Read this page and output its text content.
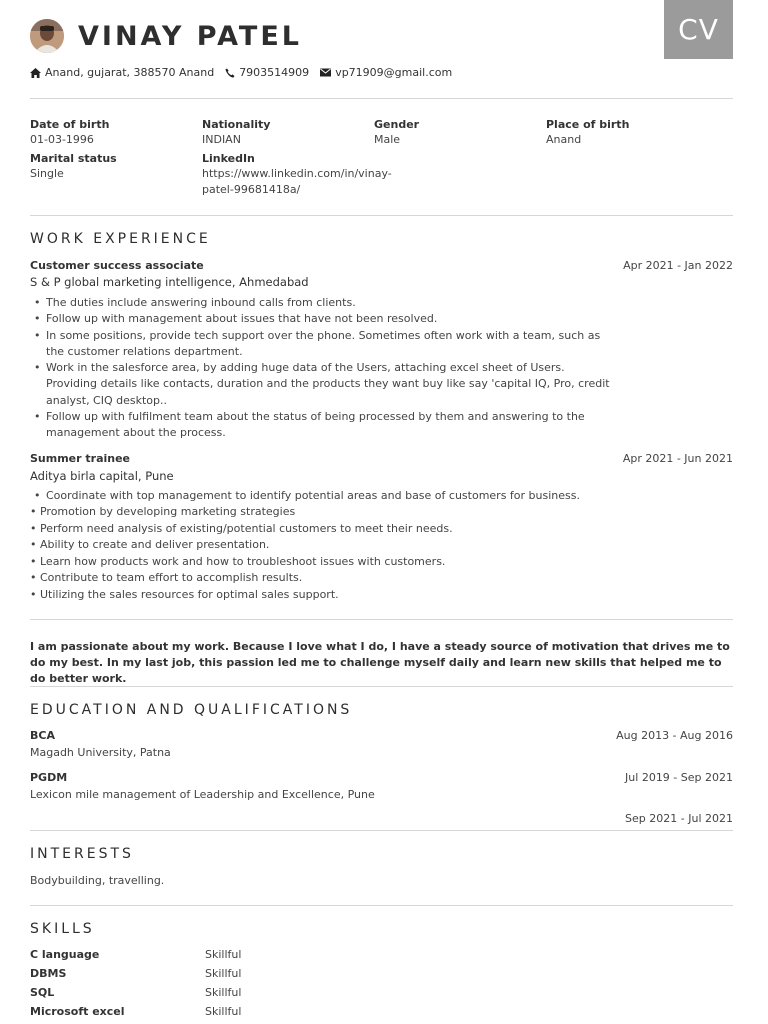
CV
VINAY PATEL
Anand, gujarat, 388570 Anand 7903514909 vp71909@gmail.com
Date of birth
01-03-1996
Nationality
INDIAN
Gender
Male
Place of birth
Anand
Marital status
Single
LinkedIn
https://www.linkedin.com/in/vinay-
patel-99681418a/
WORK EXPERIENCE
Customer success associate	Apr 2021 - Jan 2022
S & P global marketing intelligence, Ahmedabad
• The duties include answering inbound calls from clients.
• Follow up with management about issues that have not been resolved.
• In some positions, provide tech support over the phone. Sometimes often work with a team, such as the customer relations department.
• Work in the salesforce area, by adding huge data of the Users, attaching excel sheet of Users. Providing details like contacts, duration and the products they want buy like say 'capital IQ, Pro, credit analyst, CIQ desktop..
• Follow up with fulfilment team about the status of being processed by them and answering to the management about the process.
Summer trainee	Apr 2021 - Jun 2021
Aditya birla capital, Pune
• Coordinate with top management to identify potential areas and base of customers for business.
• Promotion by developing marketing strategies
• Perform need analysis of existing/potential customers to meet their needs.
• Ability to create and deliver presentation.
• Learn how products work and how to troubleshoot issues with customers.
• Contribute to team effort to accomplish results.
• Utilizing the sales resources for optimal sales support.
I am passionate about my work. Because I love what I do, I have a steady source of motivation that drives me to do my best. In my last job, this passion led me to challenge myself daily and learn new skills that helped me to do better work.
EDUCATION AND QUALIFICATIONS
BCA	Aug 2013 - Aug 2016
Magadh University, Patna
PGDM	Jul 2019 - Sep 2021
Lexicon mile management of Leadership and Excellence, Pune
Sep 2021 - Jul 2021
INTERESTS
Bodybuilding, travelling.
SKILLS
C language	Skillful
DBMS	Skillful
SQL	Skillful
Microsoft excel	Skillful
